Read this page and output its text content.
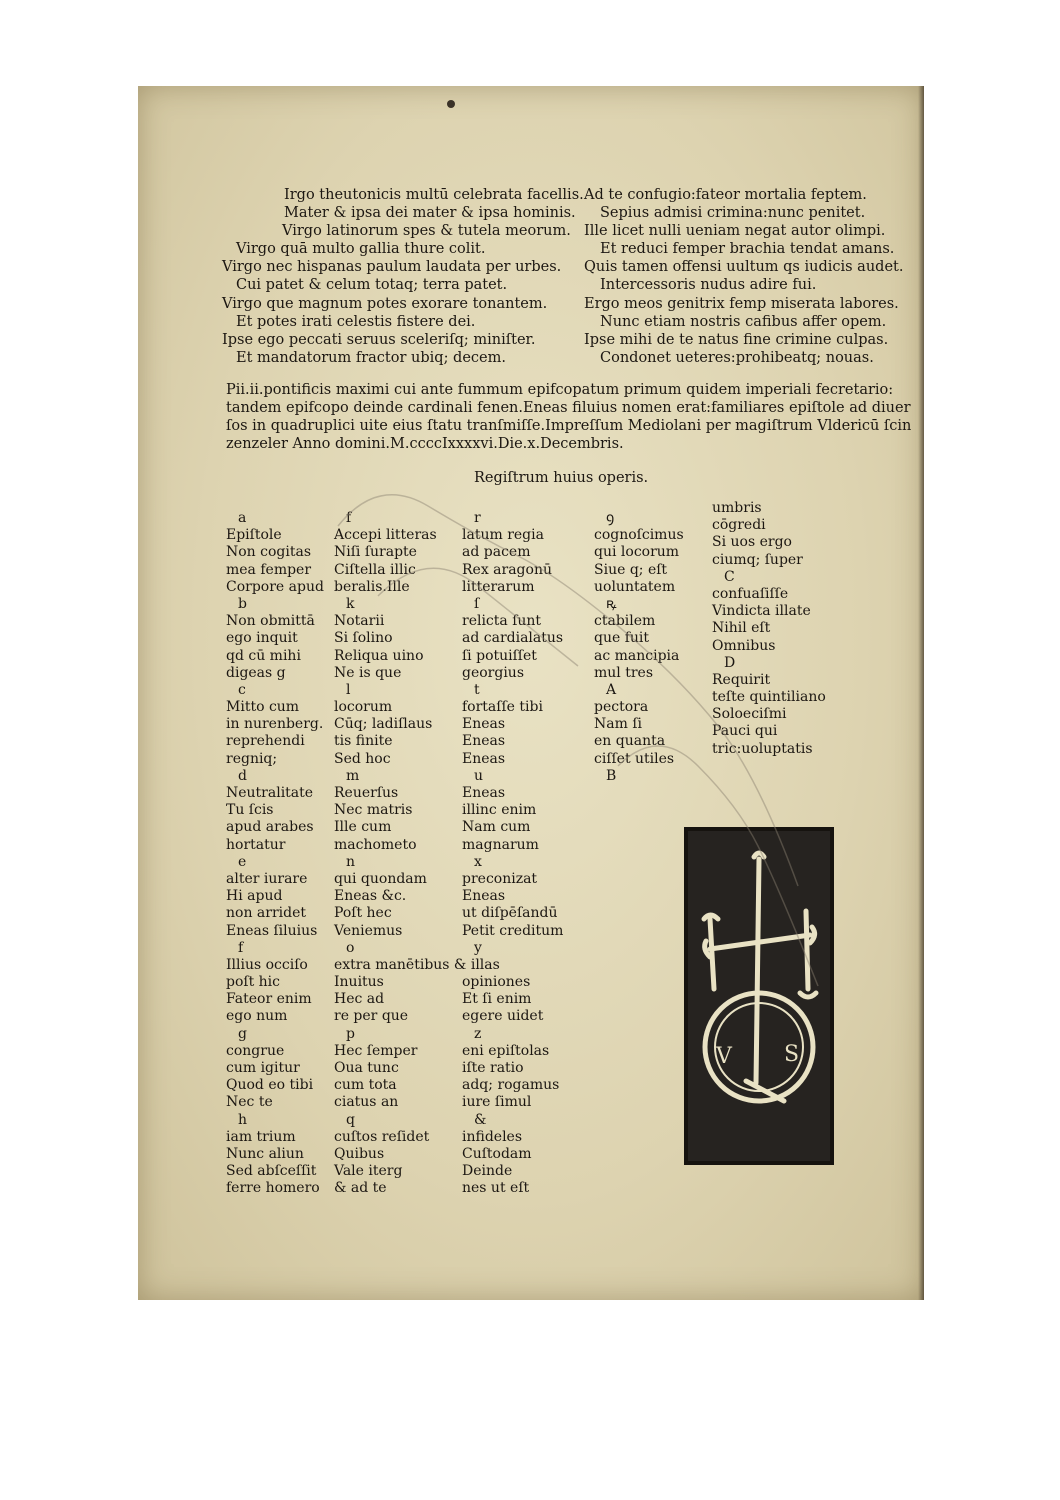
Irgo theutonicis multū celebrata facellis.
Mater & ipsa dei mater & ipsa hominis.
Virgo latinorum spes & tutela meorum.
Virgo quā multo gallia thure colit.
Virgo nec hispanas paulum laudata per urbes.
Cui patet & celum totaq; terra patet.
Virgo que magnum potes exorare tonantem.
Et potes irati celestis fistere dei.
Ipse ego peccati seruus sceleriſq; miniſter.
Et mandatorum fractor ubiq; decem.
Ad te confugio:fateor mortalia feptem.
Sepius admisi crimina:nunc penitet.
Ille licet nulli ueniam negat autor olimpi.
Et reduci femper brachia tendat amans.
Quis tamen offensi uultum qs iudicis audet.
Intercessoris nudus adire fui.
Ergo meos genitrix femp miserata labores.
Nunc etiam nostris cafibus affer opem.
Ipse mihi de te natus fine crimine culpas.
Condonet ueteres:prohibeatq; nouas.
Pii.ii.pontificis maximi cui ante fummum epifcopatum primum quidem imperiali fecretario:
tandem epifcopo deinde cardinali fenen.Eneas filuius nomen erat:familiares epiſtole ad diuer
ſos in quadruplici uite eius ſtatu tranſmiſſe.Impreſſum Mediolani per magiſtrum Vldericū ſcin
zenzeler Anno domini.M.ccccIxxxxvi.Die.x.Decembris.
Regiſtrum huius operis.
a
Epiſtole
Non cogitas
mea femper
Corpore apud
b
Non obmittā
ego inquit
qd cū mihi
digeas g
c
Mitto cum
in nurenberg.
reprehendi
regniq;
d
Neutralitate
Tu ſcis
apud arabes
hortatur
e
alter iurare
Hi apud
non arridet
Eneas ſiluius
f
Illius occiſo
poſt hic
Fateor enim
ego num
g
congrue
cum igitur
Quod eo tibi
Nec te
h
iam trium
Nunc aliun
Sed abſceſſit
ferre homero
f
Accepi litteras
Niſi ſurapte
Ciſtella illic
beralis.Ille
k
Notarii
Si ſolino
Reliqua uino
Ne is que
l
locorum
Cūq; ladiſlaus
tis finite
Sed hoc
m
Reuerſus
Nec matris
Ille cum
machometo
n
qui quondam
Eneas &c.
Poſt hec
Veniemus
o
extra manētibus & illas
Inuitus
Hec ad
re per que
p
Hec ſemper
Oua tunc
cum tota
ciatus an
q
cuſtos reſidet
Quibus
Vale iterg
& ad te
r
latum regia
ad pacem
Rex aragonū
litterarum
ſ
relicta ſunt
ad cardialatus
ſi potuiſſet
georgius
t
fortaſſe tibi
Eneas
Eneas
Eneas
u
Eneas
illinc enim
Nam cum
magnarum
x
preconizat
Eneas
ut diſpēſandū
Petit creditum
y
opiniones
Et ſi enim
egere uidet
z
eni epiſtolas
iſte ratio
adq; rogamus
iure ſimul
&
infideles
Cuſtodam
Deinde
nes ut eſt
ꝯ
cognoſcimus
qui locorum
Siue q; eſt
uoluntatem
ꝶ
ctabilem
que fuit
ac mancipia
mul tres
A
pectora
Nam ſi
en quanta
ciſſet utiles
B
umbris
cōgredi
Si uos ergo
ciumq; ſuper
C
confuaſiſſe
Vindicta illate
Nihil eſt
Omnibus
D
Requirit
teſte quintiliano
Soloeciſmi
Pauci qui
tric:uoluptatis
V S
